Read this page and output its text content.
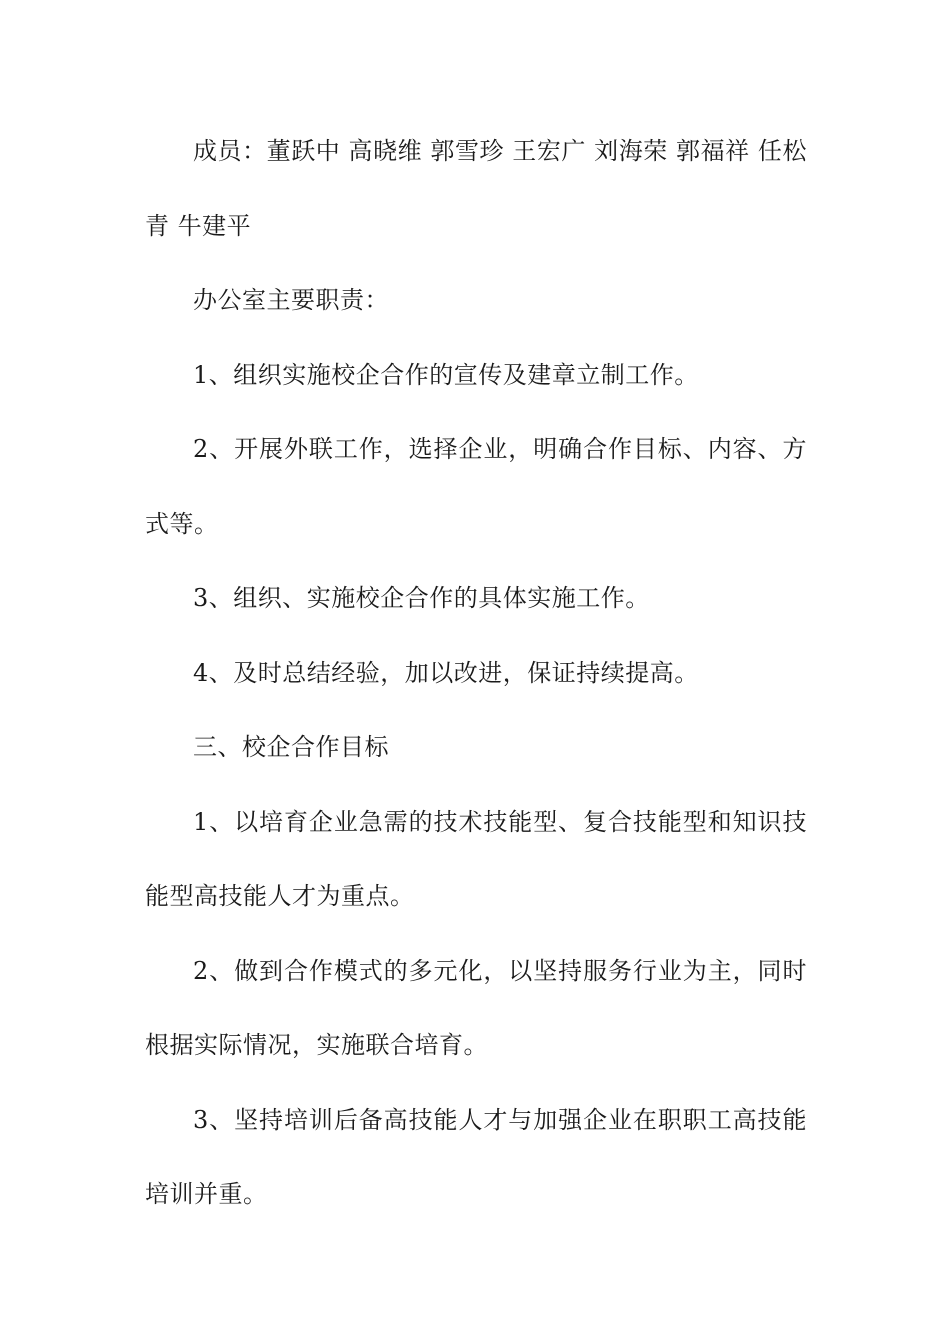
成员：董跃中 高晓维 郭雪珍 王宏广 刘海荣 郭福祥 任松青 牛建平

办公室主要职责：

1、组织实施校企合作的宣传及建章立制工作。

2、开展外联工作，选择企业，明确合作目标、内容、方式等。

3、组织、实施校企合作的具体实施工作。

4、及时总结经验，加以改进，保证持续提高。

三、校企合作目标

1、以培育企业急需的技术技能型、复合技能型和知识技能型高技能人才为重点。

2、做到合作模式的多元化，以坚持服务行业为主，同时根据实际情况，实施联合培育。

3、坚持培训后备高技能人才与加强企业在职职工高技能培训并重。
